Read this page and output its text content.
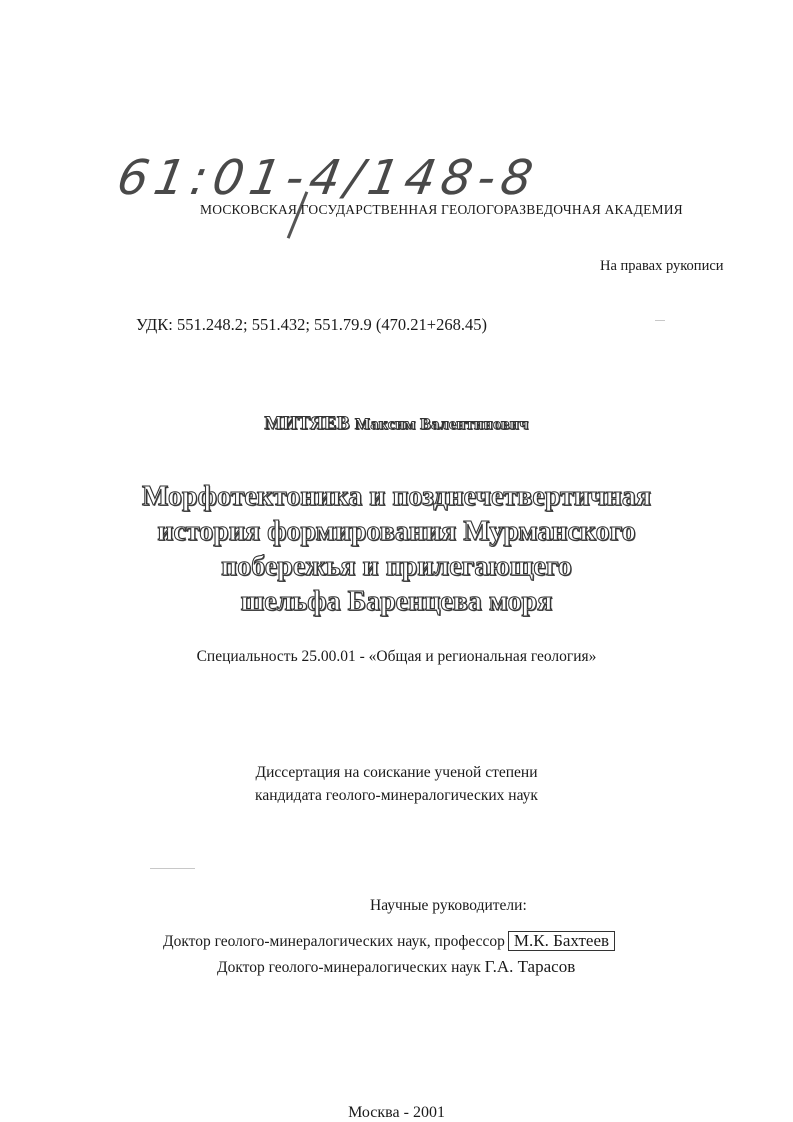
61:01-4/148-8
МОСКОВСКАЯ ГОСУДАРСТВЕННАЯ ГЕОЛОГОРАЗВЕДОЧНАЯ АКАДЕМИЯ
На правах рукописи
УДК: 551.248.2; 551.432; 551.79.9 (470.21+268.45)
МИТЯЕВ Максим Валентинович
Морфотектоника и позднечетвертичная
история формирования Мурманского
побережья и прилегающего
шельфа Баренцева моря
Специальность 25.00.01 - «Общая и региональная геология»
Диссертация на соискание ученой степени
кандидата геолого-минералогических наук
Научные руководители:
Доктор геолого-минералогических наук, профессор М.К. Бахтеев
Доктор геолого-минералогических наук Г.А. Тарасов
Москва - 2001
